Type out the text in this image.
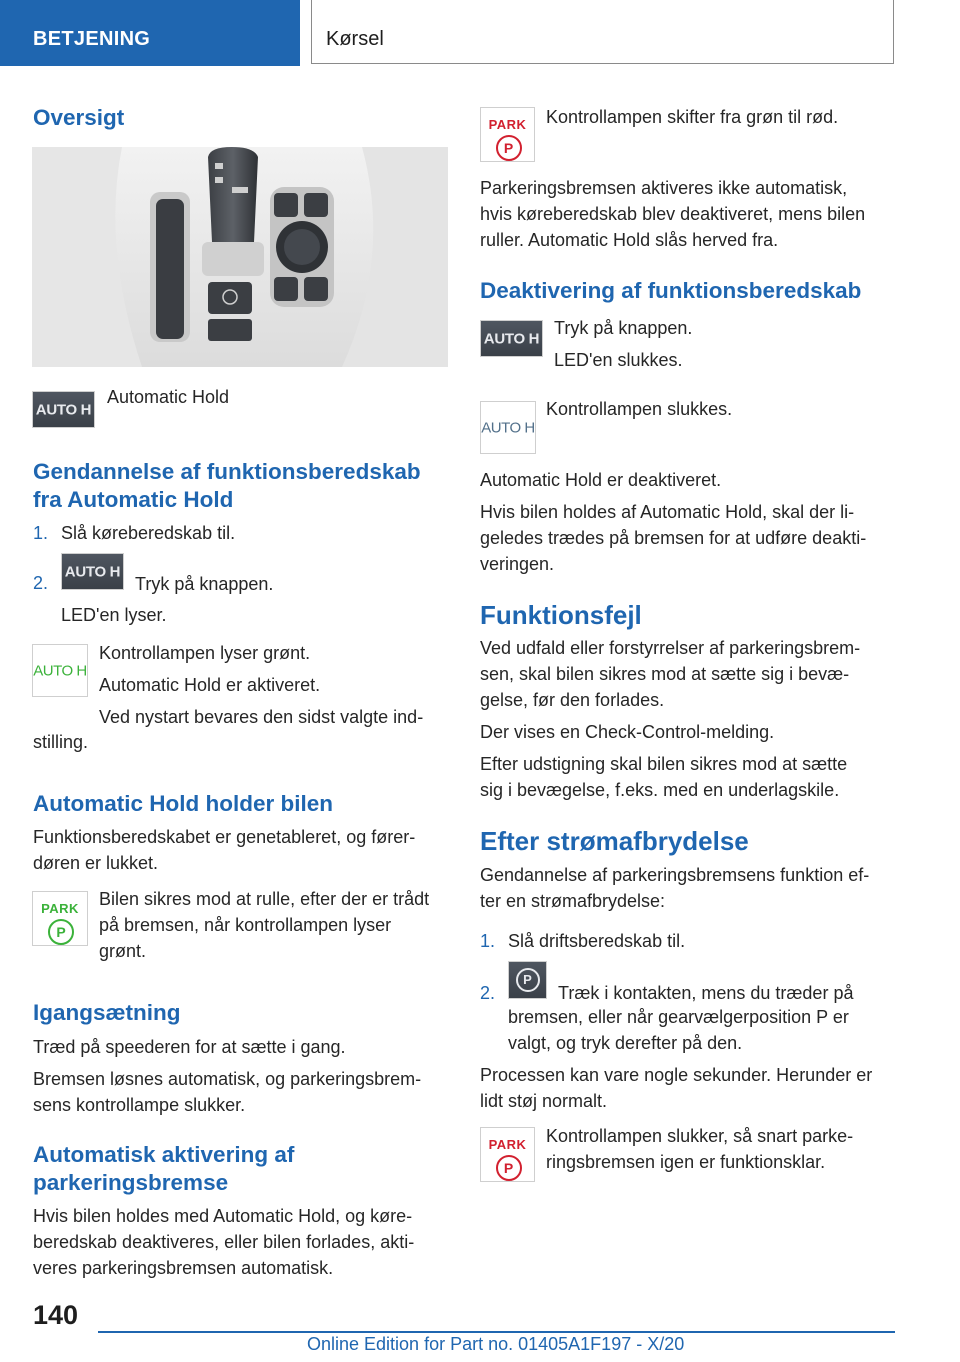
BETJENING	Kørsel
Oversigt
AUTO H
Automatic Hold
Gendannelse af funktionsberedskab fra Automatic Hold
1. Slå køreberedskab til.
2.
AUTO H
Tryk på knappen.
LED'en lyser.
AUTO H
Kontrollampen lyser grønt.
Automatic Hold er aktiveret.
Ved nystart bevares den sidst valgte ind-
stilling.
Automatic Hold holder bilen
Funktionsberedskabet er genetableret, og fører-
døren er lukket.
PARK
P
Bilen sikres mod at rulle, efter der er trådt
på bremsen, når kontrollampen lyser
grønt.
Igangsætning
Træd på speederen for at sætte i gang.
Bremsen løsnes automatisk, og parkeringsbrem-
sens kontrollampe slukker.
Automatisk aktivering af
parkeringsbremse
Hvis bilen holdes med Automatic Hold, og køre-
beredskab deaktiveres, eller bilen forlades, akti-
veres parkeringsbremsen automatisk.
PARK
P
Kontrollampen skifter fra grøn til rød.
Parkeringsbremsen aktiveres ikke automatisk,
hvis køreberedskab blev deaktiveret, mens bilen
ruller. Automatic Hold slås herved fra.
Deaktivering af funktionsberedskab
AUTO H
Tryk på knappen.
LED'en slukkes.
AUTO H
Kontrollampen slukkes.
Automatic Hold er deaktiveret.
Hvis bilen holdes af Automatic Hold, skal der li-
geledes trædes på bremsen for at udføre deakti-
veringen.
Funktionsfejl
Ved udfald eller forstyrrelser af parkeringsbrem-
sen, skal bilen sikres mod at sætte sig i bevæ-
gelse, før den forlades.
Der vises en Check-Control-melding.
Efter udstigning skal bilen sikres mod at sætte
sig i bevægelse, f.eks. med en underlagskile.
Efter strømafbrydelse
Gendannelse af parkeringsbremsens funktion ef-
ter en strømafbrydelse:
1. Slå driftsberedskab til.
2.
P
Træk i kontakten, mens du træder på
bremsen, eller når gearvælgerposition P er
valgt, og tryk derefter på den.
Processen kan vare nogle sekunder. Herunder er
lidt støj normalt.
PARK
P
Kontrollampen slukker, så snart parke-
ringsbremsen igen er funktionsklar.
140
Online Edition for Part no. 01405A1F197 - X/20
